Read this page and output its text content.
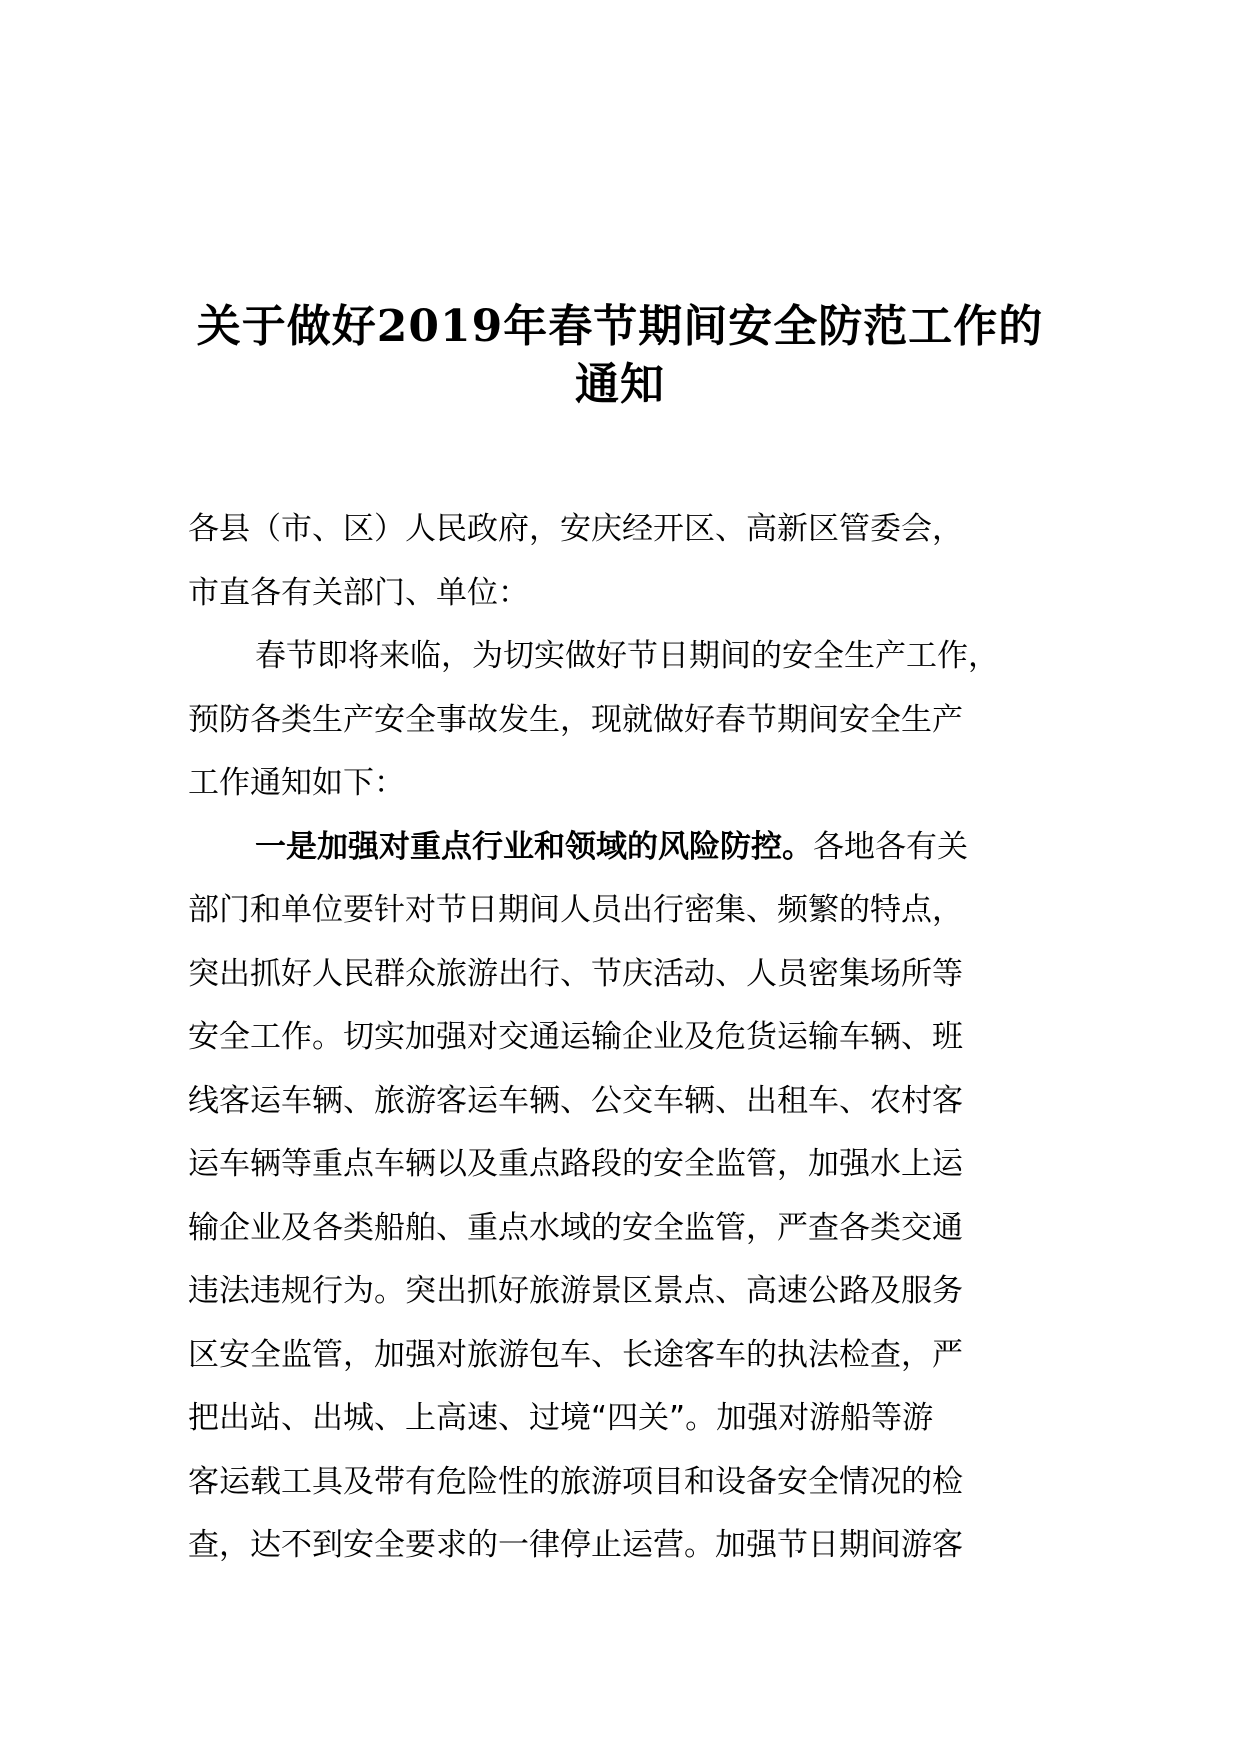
关于做好2019年春节期间安全防范工作的
通知
各县（市、区）人民政府，安庆经开区、高新区管委会，
市直各有关部门、单位：
春节即将来临，为切实做好节日期间的安全生产工作，
预防各类生产安全事故发生，现就做好春节期间安全生产
工作通知如下：
一是加强对重点行业和领域的风险防控。各地各有关
部门和单位要针对节日期间人员出行密集、频繁的特点，
突出抓好人民群众旅游出行、节庆活动、人员密集场所等
安全工作。切实加强对交通运输企业及危货运输车辆、班
线客运车辆、旅游客运车辆、公交车辆、出租车、农村客
运车辆等重点车辆以及重点路段的安全监管，加强水上运
输企业及各类船舶、重点水域的安全监管，严查各类交通
违法违规行为。突出抓好旅游景区景点、高速公路及服务
区安全监管，加强对旅游包车、长途客车的执法检查，严
把出站、出城、上高速、过境“四关”。加强对游船等游
客运载工具及带有危险性的旅游项目和设备安全情况的检
查，达不到安全要求的一律停止运营。加强节日期间游客
